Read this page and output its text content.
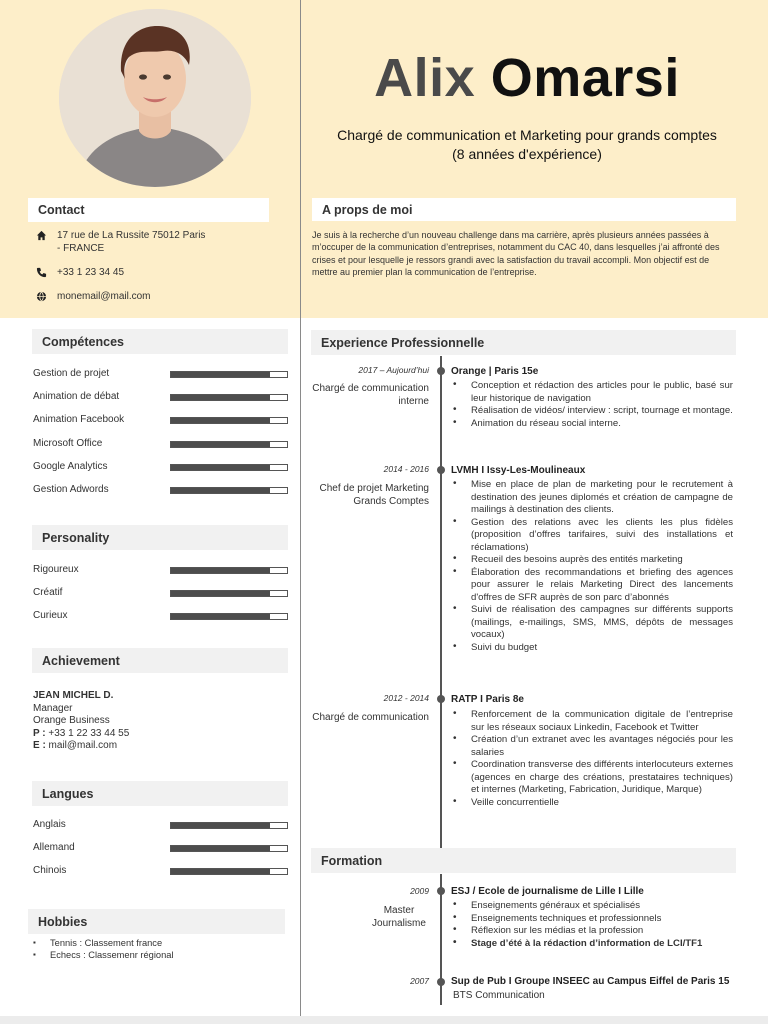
Alix Omarsi
Chargé de communication et Marketing pour grands comptes (8 années d'expérience)
Contact
17 rue de La Russite 75012 Paris
- FRANCE
+33 1 23 34 45
monemail@mail.com
A props de moi
Je suis à la recherche d’un nouveau challenge dans ma carrière, après plusieurs années passées à m’occuper de la communication d’entreprises, notamment du CAC 40, dans lesquelles j’ai affronté des crises et pour lesquelle je ressors grandi avec la satisfaction du travail accompli. Mon objectif est de mettre au premier plan la communication de l’entreprise.
Compétences
Gestion de projet
Animation de débat
Animation Facebook
Microsoft Office
Google Analytics
Gestion Adwords
Personality
Rigoureux
Créatif
Curieux
Achievement
JEAN MICHEL D.
Manager
Orange Business
P : +33 1 22 33 44 55
E : mail@mail.com
Langues
Anglais
Allemand
Chinois
Hobbies
▪ Tennis : Classement france
▪ Echecs : Classemenr régional
Experience Professionnelle
2017 – Aujourd’hui
Chargé de communication interne
Orange | Paris 15e
• Conception et rédaction des articles pour le public, basé sur leur historique de navigation
• Réalisation de vidéos/ interview : script, tournage et montage.
• Animation du réseau social interne.
2014 - 2016
Chef de projet Marketing Grands Comptes
LVMH I Issy-Les-Moulineaux
• Mise en place de plan de marketing pour le recrutement à destination des jeunes diplomés et création de campagne de mailings à destination des clients.
• Gestion des relations avec les clients les plus fidèles (proposition d’offres tarifaires, suivi des installations et réclamations)
• Recueil des besoins auprès des entités marketing
• Élaboration des recommandations et briefing des agences pour assurer le relais Marketing Direct des lancements d'offres de SFR auprès de son parc d’abonnés
• Suivi de réalisation des campagnes sur différents supports (mailings, e-mailings, SMS, MMS, dépôts de messages vocaux)
• Suivi du budget
2012 - 2014
Chargé de communication
RATP I Paris 8e
• Renforcement de la communication digitale de l’entreprise sur les réseaux sociaux Linkedin, Facebook et Twitter
• Création d’un extranet avec les avantages négociés pour les salaries
• Coordination transverse des différents interlocuteurs externes (agences en charge des créations, prestataires techniques) et internes (Marketing, Fabrication, Juridique, Marque)
• Veille concurrentielle
Formation
2009
Master Journalisme
ESJ / Ecole de journalisme de Lille I Lille
• Enseignements généraux et spécialisés
• Enseignements techniques et professionnels
• Réflexion sur les médias et la profession
• Stage d’été à la rédaction d’information de LCI/TF1
2007 Sup de Pub I Groupe INSEEC au Campus Eiffel de Paris 15
BTS Communication
